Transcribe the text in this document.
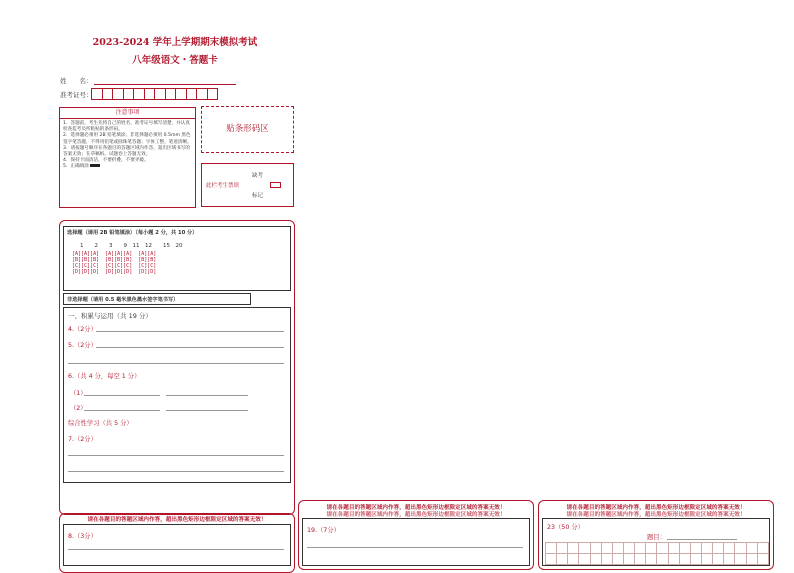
2023-2024 学年上学期期末模拟考试
八年级语文・答题卡
姓　　名：
准考证号：
注意事项
1．答题前，考生先将自己的姓名，准考证号填写清楚，并认真检查监考员所粘贴的条形码。
2．选择题必须用 2B 铅笔填涂；非选择题必须用 0.5mm 黑色签字笔答题，不得用铅笔或圆珠笔答题；字体工整、笔迹清晰。
3．请按题号顺序在各题目的答题区域内作答，超出区域书写的答案无效；在草稿纸、试题卷上答题无效。
4．保持卡面清洁，不要折叠、不要弄破。
5．正确填涂
贴条形码区
缺考
此栏考生禁填
标记
选择题（请用 2B 铅笔填涂）（每小题 2 分，共 10 分）
1　　2　　3　　9　11　12　　15　20
[A][A][A]  [A][A][A]  [A][A]
[B][B][B]  [B][B][B]  [B][B]
[C][C][C]  [C][C][C]  [C][C]
[D][D][D]  [D][D][D]  [D][D]
非选择题（请用 0.5 毫米黑色墨水签字笔书写）
一、积累与运用（共 19 分）
4.（2分）
5.（2分）
6.（共 4 分，每空 1 分）
（1）
（2）
综合性学习（共 5 分）
7.（2分）
请在各题目的答题区域内作答，超出黑色矩形边框限定区域的答案无效！
8.（3分）
请在各题目的答题区域内作答，超出黑色矩形边框限定区域的答案无效！
请在各题目的答题区域内作答，超出黑色矩形边框限定区域的答案无效！
19.（7分）
请在各题目的答题区域内作答，超出黑色矩形边框限定区域的答案无效！
请在各题目的答题区域内作答，超出黑色矩形边框限定区域的答案无效！
23（50 分）
题目：
